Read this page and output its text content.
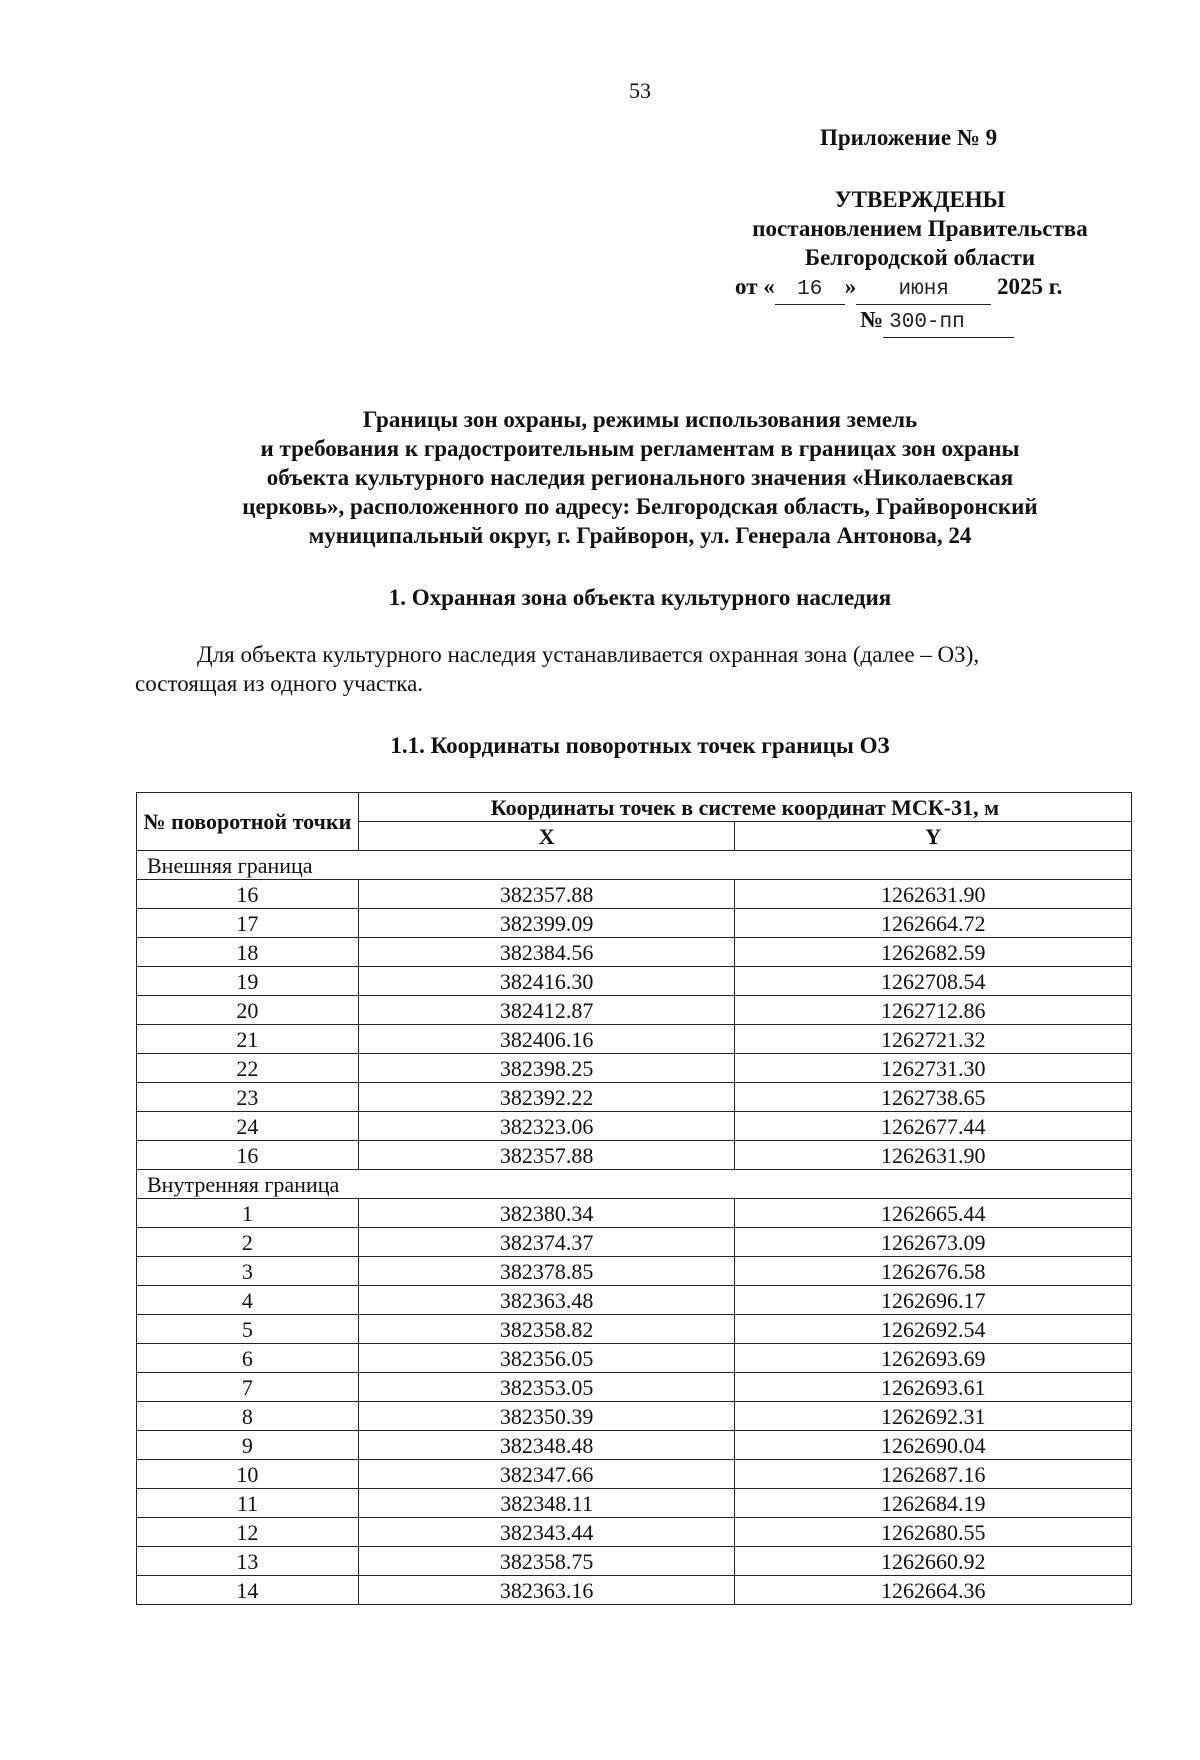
53
Приложение № 9
УТВЕРЖДЕНЫ
постановлением Правительства
Белгородской области
от « 16 » июня 2025 г.
№ 300-пп
Границы зон охраны, режимы использования земель
и требования к градостроительным регламентам в границах зон охраны
объекта культурного наследия регионального значения «Николаевская
церковь», расположенного по адресу: Белгородская область, Грайворонский
муниципальный округ, г. Грайворон, ул. Генерала Антонова, 24
1. Охранная зона объекта культурного наследия
Для объекта культурного наследия устанавливается охранная зона (далее – ОЗ),
состоящая из одного участка.
1.1. Координаты поворотных точек границы ОЗ
№ поворотной точки	Координаты точек в системе координат МСК-31, м	
	X	Y
Внешняя граница		
16	382357.88	1262631.90
17	382399.09	1262664.72
18	382384.56	1262682.59
19	382416.30	1262708.54
20	382412.87	1262712.86
21	382406.16	1262721.32
22	382398.25	1262731.30
23	382392.22	1262738.65
24	382323.06	1262677.44
16	382357.88	1262631.90
Внутренняя граница		
1	382380.34	1262665.44
2	382374.37	1262673.09
3	382378.85	1262676.58
4	382363.48	1262696.17
5	382358.82	1262692.54
6	382356.05	1262693.69
7	382353.05	1262693.61
8	382350.39	1262692.31
9	382348.48	1262690.04
10	382347.66	1262687.16
11	382348.11	1262684.19
12	382343.44	1262680.55
13	382358.75	1262660.92
14	382363.16	1262664.36
